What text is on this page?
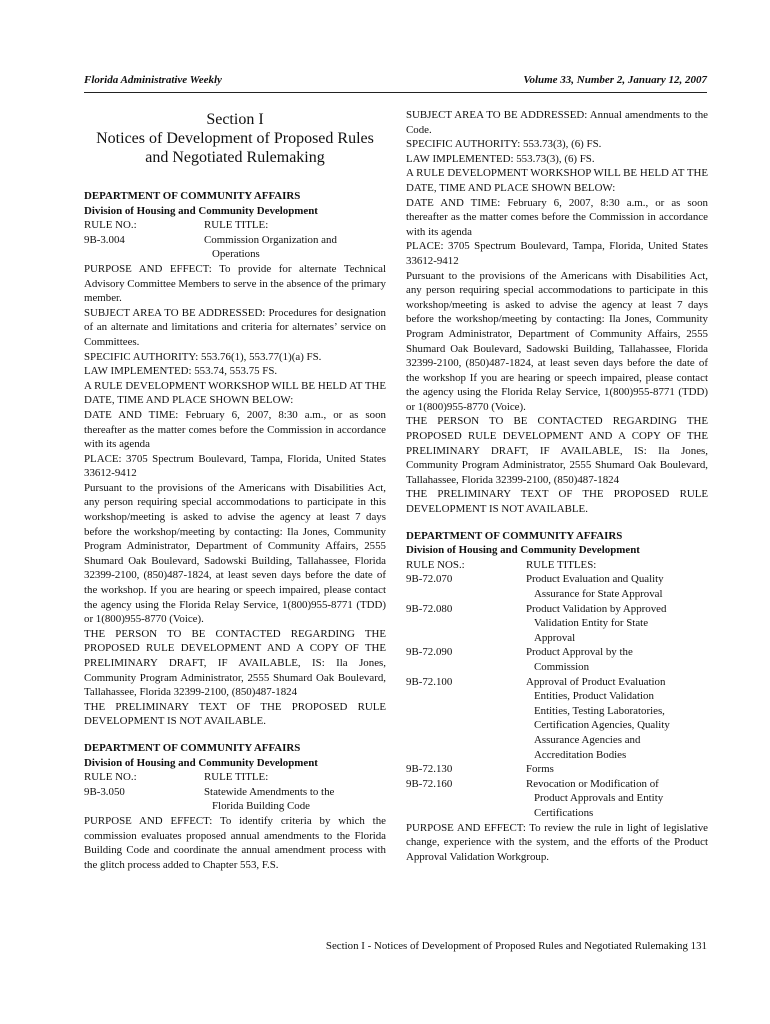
Florida Administrative Weekly	Volume 33, Number 2, January 12, 2007
Section I
Notices of Development of Proposed Rules
and Negotiated Rulemaking

DEPARTMENT OF COMMUNITY AFFAIRS

Division of Housing and Community Development

RULE NO.:	RULE TITLE:
9B-3.004	Commission Organization and
Operations

PURPOSE AND EFFECT: To provide for alternate Technical Advisory Committee Members to serve in the absence of the primary member.

SUBJECT AREA TO BE ADDRESSED: Procedures for designation of an alternate and limitations and criteria for alternates’ service on Committees.

SPECIFIC AUTHORITY: 553.76(1), 553.77(1)(a) FS.

LAW IMPLEMENTED: 553.74, 553.75 FS.

A RULE DEVELOPMENT WORKSHOP WILL BE HELD AT THE DATE, TIME AND PLACE SHOWN BELOW:

DATE AND TIME: February 6, 2007, 8:30 a.m., or as soon thereafter as the matter comes before the Commission in accordance with its agenda

PLACE: 3705 Spectrum Boulevard, Tampa, Florida, United States 33612-9412

Pursuant to the provisions of the Americans with Disabilities Act, any person requiring special accommodations to participate in this workshop/meeting is asked to advise the agency at least 7 days before the workshop/meeting by contacting: Ila Jones, Community Program Administrator, Department of Community Affairs, 2555 Shumard Oak Boulevard, Sadowski Building, Tallahassee, Florida 32399-2100, (850)487-1824, at least seven days before the date of the workshop. If you are hearing or speech impaired, please contact the agency using the Florida Relay Service, 1(800)955-8771 (TDD) or 1(800)955-8770 (Voice).

THE PERSON TO BE CONTACTED REGARDING THE PROPOSED RULE DEVELOPMENT AND A COPY OF THE PRELIMINARY DRAFT, IF AVAILABLE, IS: Ila Jones, Community Program Administrator, 2555 Shumard Oak Boulevard, Tallahassee, Florida 32399-2100, (850)487-1824

THE PRELIMINARY TEXT OF THE PROPOSED RULE DEVELOPMENT IS NOT AVAILABLE.

DEPARTMENT OF COMMUNITY AFFAIRS

Division of Housing and Community Development

RULE NO.:	RULE TITLE:
9B-3.050	Statewide Amendments to the
Florida Building Code

PURPOSE AND EFFECT: To identify criteria by which the commission evaluates proposed annual amendments to the Florida Building Code and coordinate the annual amendment process with the glitch process added to Chapter 553, F.S.

SUBJECT AREA TO BE ADDRESSED: Annual amendments to the Code.

SPECIFIC AUTHORITY: 553.73(3), (6) FS.

LAW IMPLEMENTED: 553.73(3), (6) FS.

A RULE DEVELOPMENT WORKSHOP WILL BE HELD AT THE DATE, TIME AND PLACE SHOWN BELOW:

DATE AND TIME: February 6, 2007, 8:30 a.m., or as soon thereafter as the matter comes before the Commission in accordance with its agenda

PLACE: 3705 Spectrum Boulevard, Tampa, Florida, United States 33612-9412

Pursuant to the provisions of the Americans with Disabilities Act, any person requiring special accommodations to participate in this workshop/meeting is asked to advise the agency at least 7 days before the workshop/meeting by contacting: Ila Jones, Community Program Administrator, Department of Community Affairs, 2555 Shumard Oak Boulevard, Sadowski Building, Tallahassee, Florida 32399-2100, (850)487-1824, at least seven days before the date of the workshop If you are hearing or speech impaired, please contact the agency using the Florida Relay Service, 1(800)955-8771 (TDD) or 1(800)955-8770 (Voice).

THE PERSON TO BE CONTACTED REGARDING THE PROPOSED RULE DEVELOPMENT AND A COPY OF THE PRELIMINARY DRAFT, IF AVAILABLE, IS: Ila Jones, Community Program Administrator, 2555 Shumard Oak Boulevard, Tallahassee, Florida 32399-2100, (850)487-1824

THE PRELIMINARY TEXT OF THE PROPOSED RULE DEVELOPMENT IS NOT AVAILABLE.

DEPARTMENT OF COMMUNITY AFFAIRS

Division of Housing and Community Development

RULE NOS.:	RULE TITLES:
9B-72.070	Product Evaluation and Quality
Assurance for State Approval
9B-72.080	Product Validation by Approved
Validation Entity for State
Approval
9B-72.090	Product Approval by the
Commission
9B-72.100	Approval of Product Evaluation
Entities, Product Validation
Entities, Testing Laboratories,
Certification Agencies, Quality
Assurance Agencies and
Accreditation Bodies
9B-72.130	Forms
9B-72.160	Revocation or Modification of
Product Approvals and Entity
Certifications

PURPOSE AND EFFECT: To review the rule in light of legislative change, experience with the system, and the efforts of the Product Approval Validation Workgroup.

Section I - Notices of Development of Proposed Rules and Negotiated Rulemaking 131
